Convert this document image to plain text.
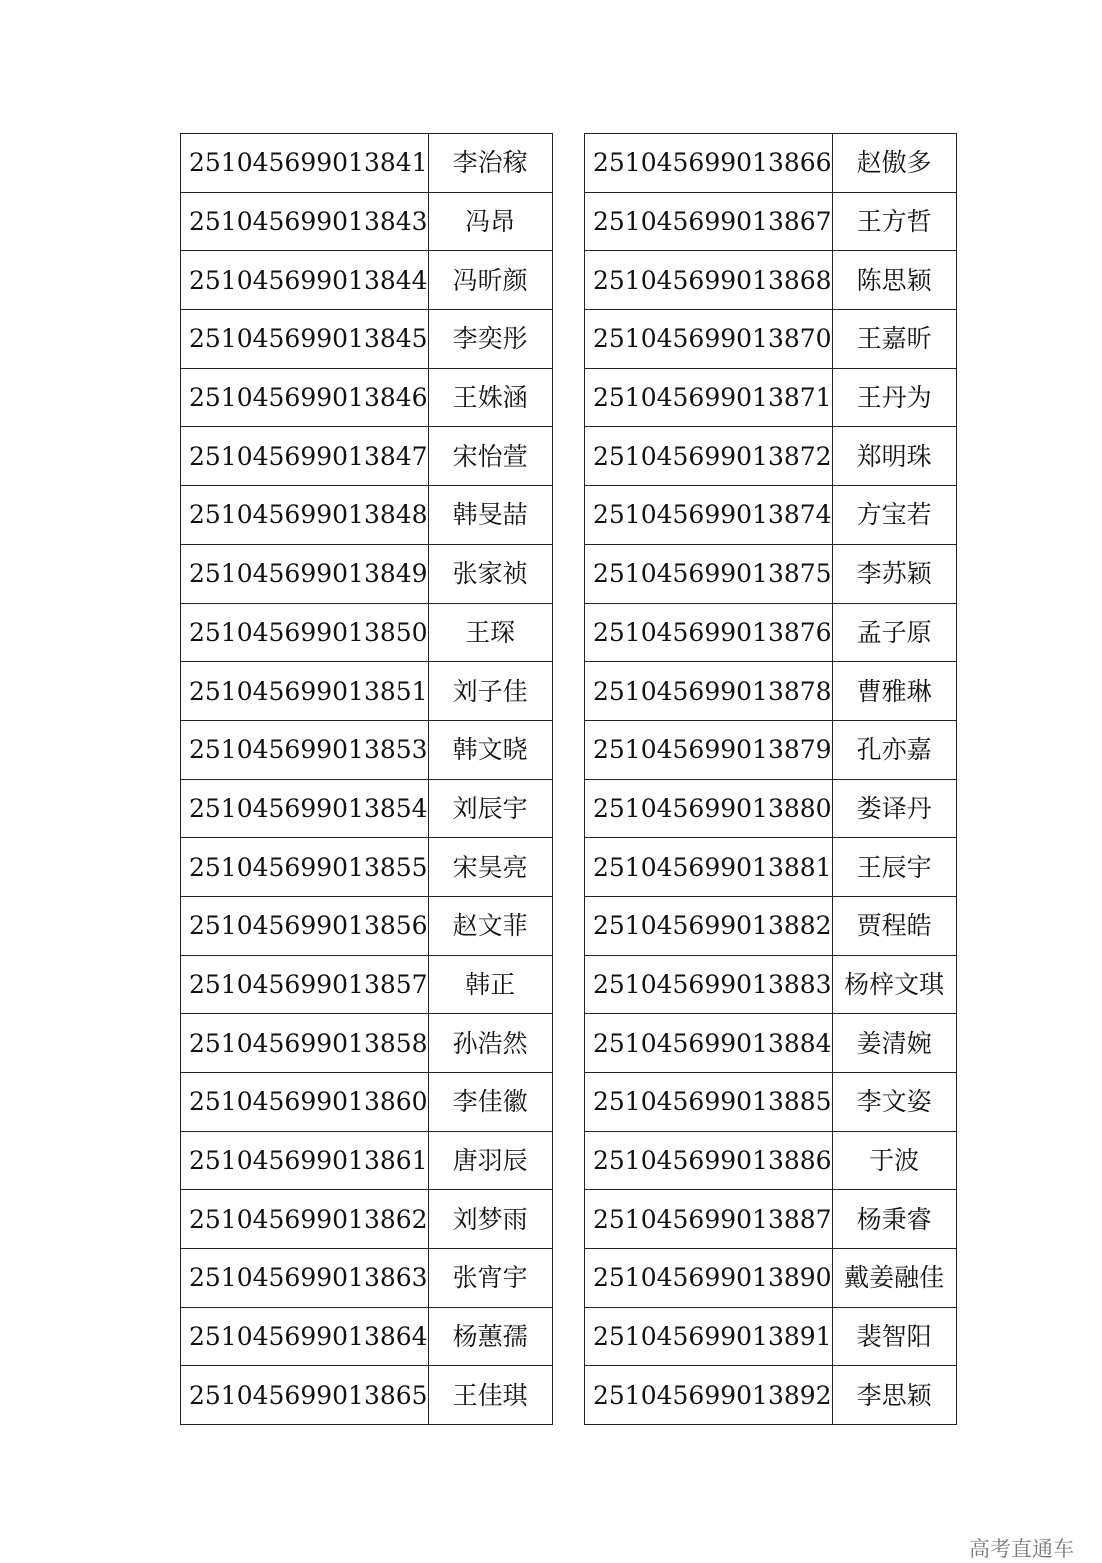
251045699013841	李治稼
251045699013843	冯昂
251045699013844	冯昕颜
251045699013845	李奕彤
251045699013846	王姝涵
251045699013847	宋怡萱
251045699013848	韩旻喆
251045699013849	张家祯
251045699013850	王琛
251045699013851	刘子佳
251045699013853	韩文晓
251045699013854	刘辰宇
251045699013855	宋昊亮
251045699013856	赵文菲
251045699013857	韩正
251045699013858	孙浩然
251045699013860	李佳徽
251045699013861	唐羽辰
251045699013862	刘梦雨
251045699013863	张宵宇
251045699013864	杨蕙孺
251045699013865	王佳琪
251045699013866	赵傲多
251045699013867	王方哲
251045699013868	陈思颖
251045699013870	王嘉昕
251045699013871	王丹为
251045699013872	郑明珠
251045699013874	方宝若
251045699013875	李苏颖
251045699013876	孟子原
251045699013878	曹雅琳
251045699013879	孔亦嘉
251045699013880	娄译丹
251045699013881	王辰宇
251045699013882	贾程皓
251045699013883	杨梓文琪
251045699013884	姜清婉
251045699013885	李文姿
251045699013886	于波
251045699013887	杨秉睿
251045699013890	戴姜融佳
251045699013891	裴智阳
251045699013892	李思颖
高考直通车
